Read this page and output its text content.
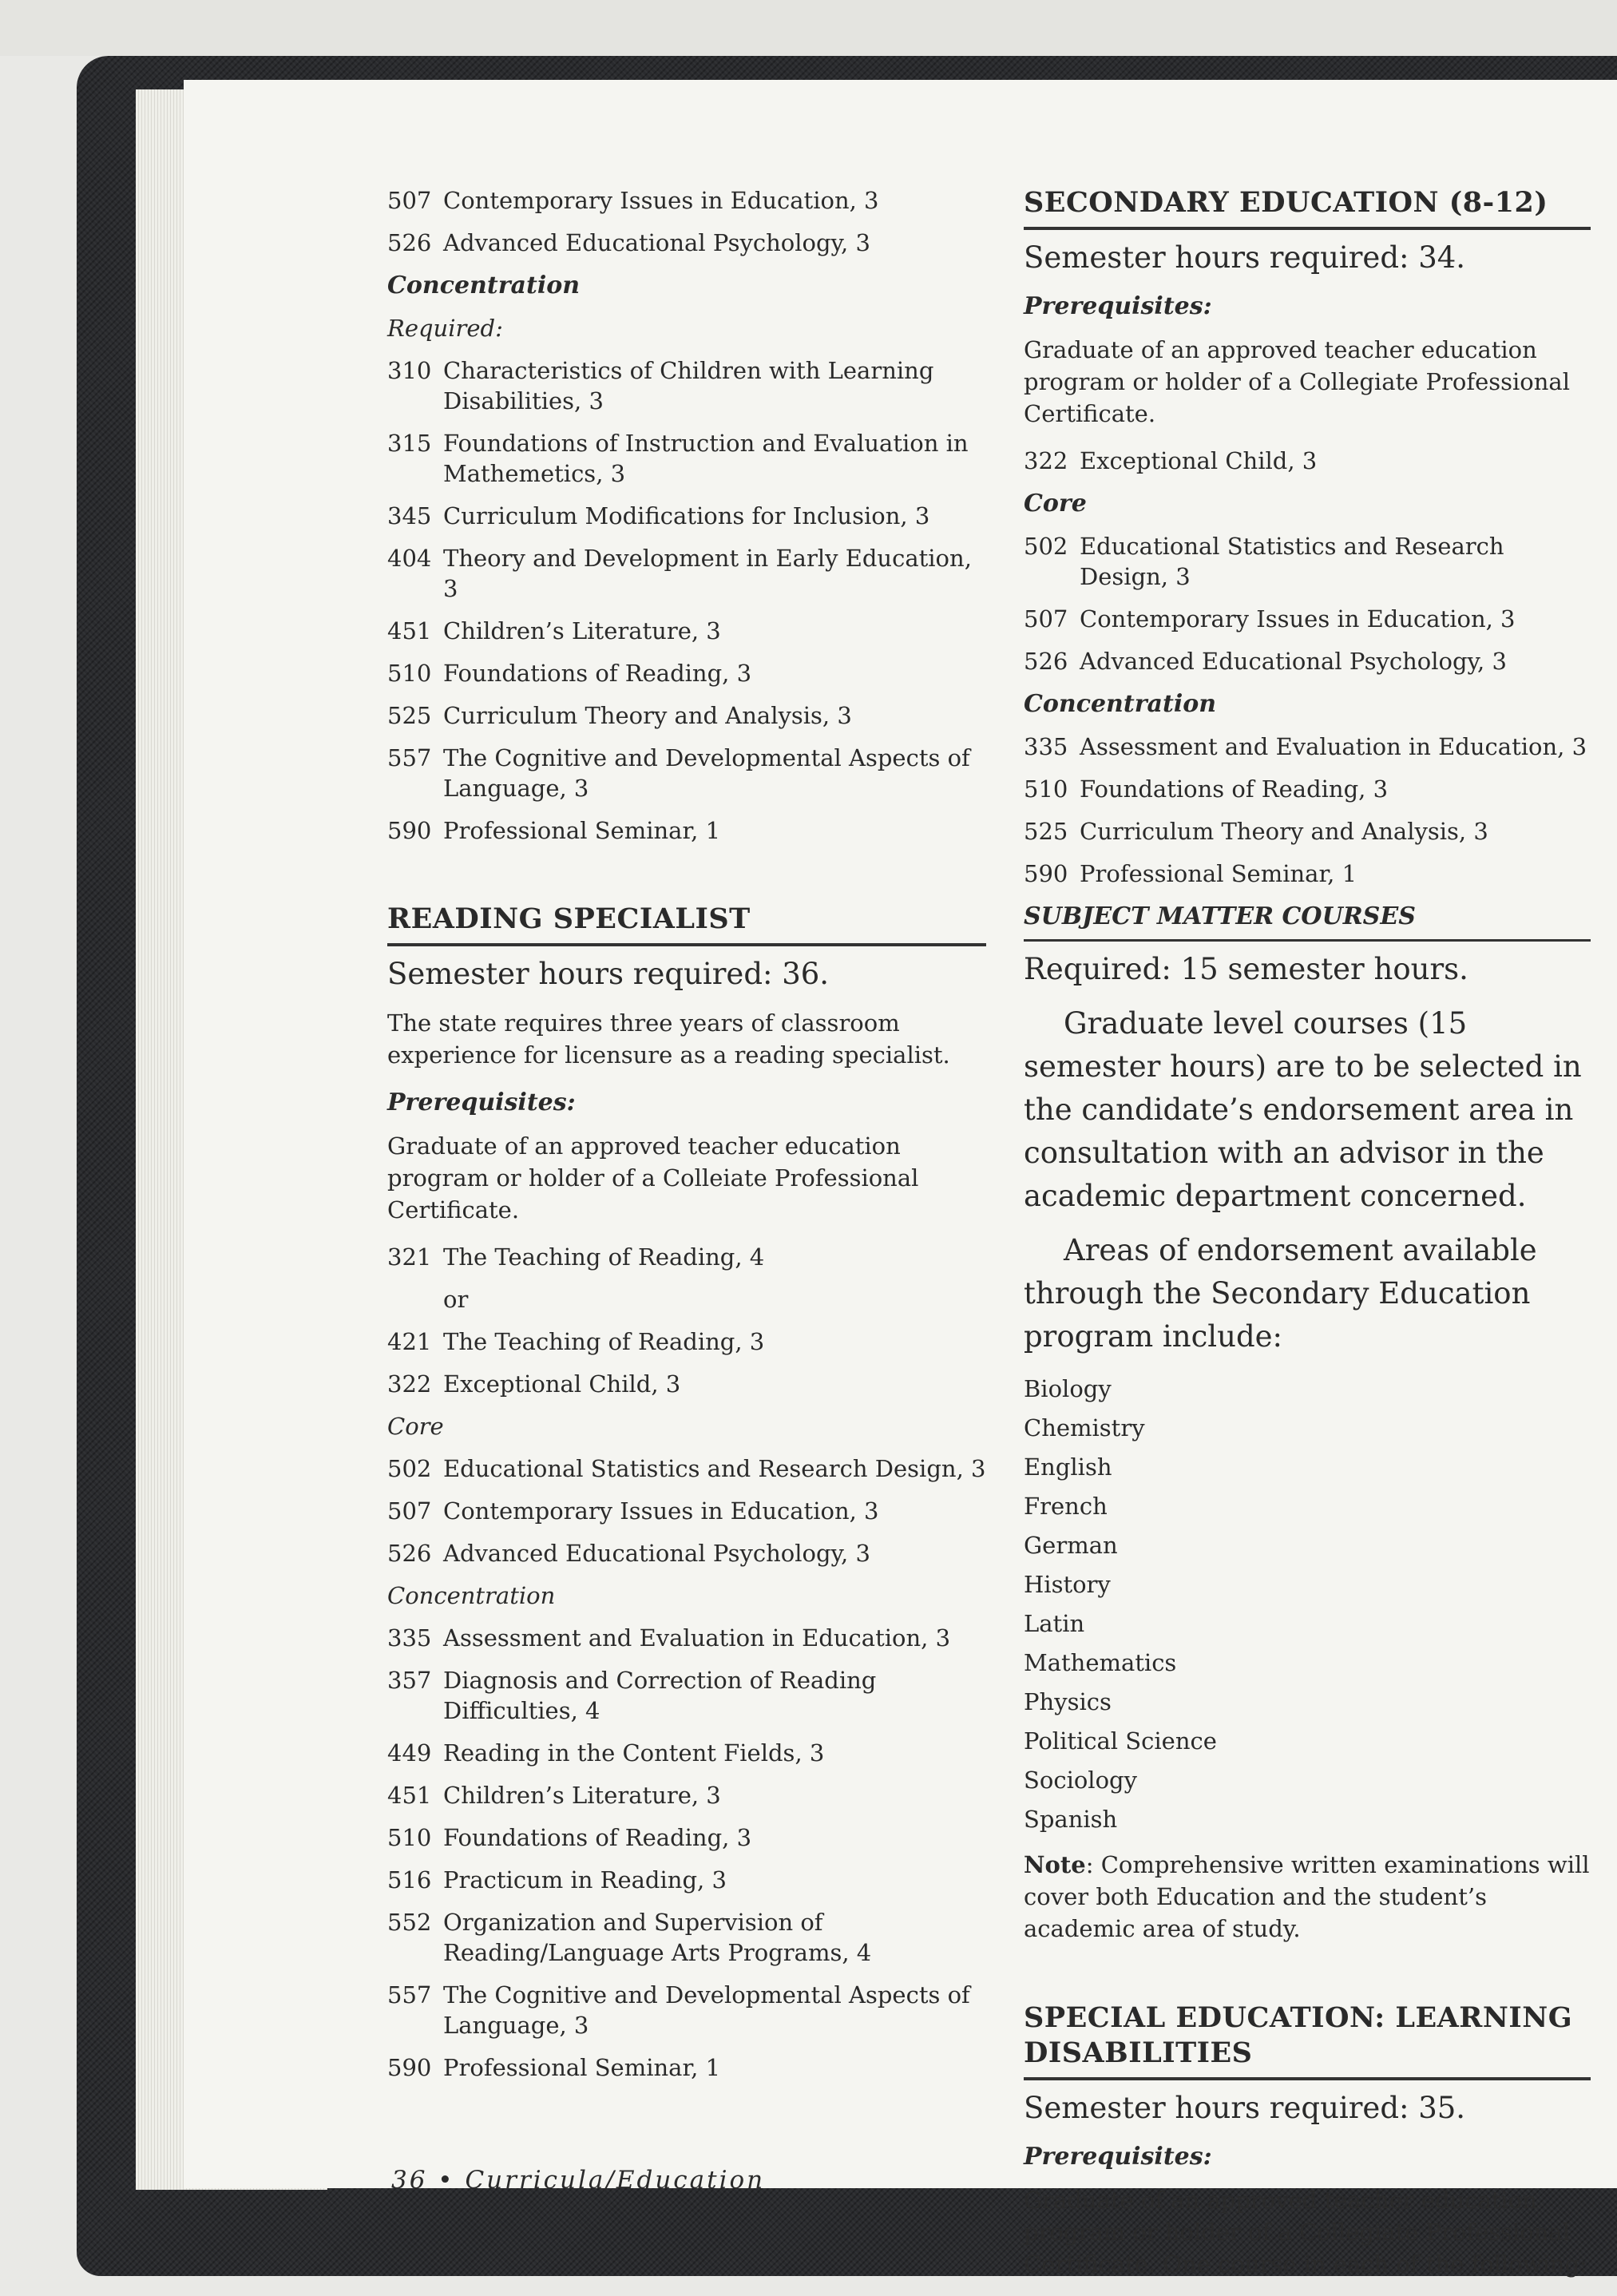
507 Contemporary Issues in Education, 3
526 Advanced Educational Psychology, 3
Concentration
Required:
310 Characteristics of Children with Learning Disabilities, 3
315 Foundations of Instruction and Evaluation in Mathemetics, 3
345 Curriculum Modifications for Inclusion, 3
404 Theory and Development in Early Education, 3
451 Children’s Literature, 3
510 Foundations of Reading, 3
525 Curriculum Theory and Analysis, 3
557 The Cognitive and Developmental Aspects of Language, 3
590 Professional Seminar, 1
READING SPECIALIST
Semester hours required: 36.
The state requires three years of classroom experience for licensure as a reading specialist.
Prerequisites:
Graduate of an approved teacher education program or holder of a Colleiate Professional Certificate.
321 The Teaching of Reading, 4
or
421 The Teaching of Reading, 3
322 Exceptional Child, 3
Core
502 Educational Statistics and Research Design, 3
507 Contemporary Issues in Education, 3
526 Advanced Educational Psychology, 3
Concentration
335 Assessment and Evaluation in Education, 3
357 Diagnosis and Correction of Reading Difficulties, 4
449 Reading in the Content Fields, 3
451 Children’s Literature, 3
510 Foundations of Reading, 3
516 Practicum in Reading, 3
552 Organization and Supervision of Reading/Language Arts Programs, 4
557 The Cognitive and Developmental Aspects of Language, 3
590 Professional Seminar, 1
SECONDARY EDUCATION (8-12)
Semester hours required: 34.
Prerequisites:
Graduate of an approved teacher education program or holder of a Collegiate Professional Certificate.
322 Exceptional Child, 3
Core
502 Educational Statistics and Research Design, 3
507 Contemporary Issues in Education, 3
526 Advanced Educational Psychology, 3
Concentration
335 Assessment and Evaluation in Education, 3
510 Foundations of Reading, 3
525 Curriculum Theory and Analysis, 3
590 Professional Seminar, 1
SUBJECT MATTER COURSES
Required: 15 semester hours.
Graduate level courses (15 semester hours) are to be selected in the candidate’s endorsement area in consultation with an advisor in the academic department concerned.
Areas of endorsement available through the Secondary Education program include:
Biology
Chemistry
English
French
German
History
Latin
Mathematics
Physics
Political Science
Sociology
Spanish
Note: Comprehensive written examinations will cover both Education and the student’s academic area of study.
SPECIAL EDUCATION: LEARNING DISABILITIES
Semester hours required: 35.
Prerequisites:
Graduate of an approved teacher education program or holder of a Collegiate Professional Certificate. One course in each of the following:
36 • Curricula/Education
